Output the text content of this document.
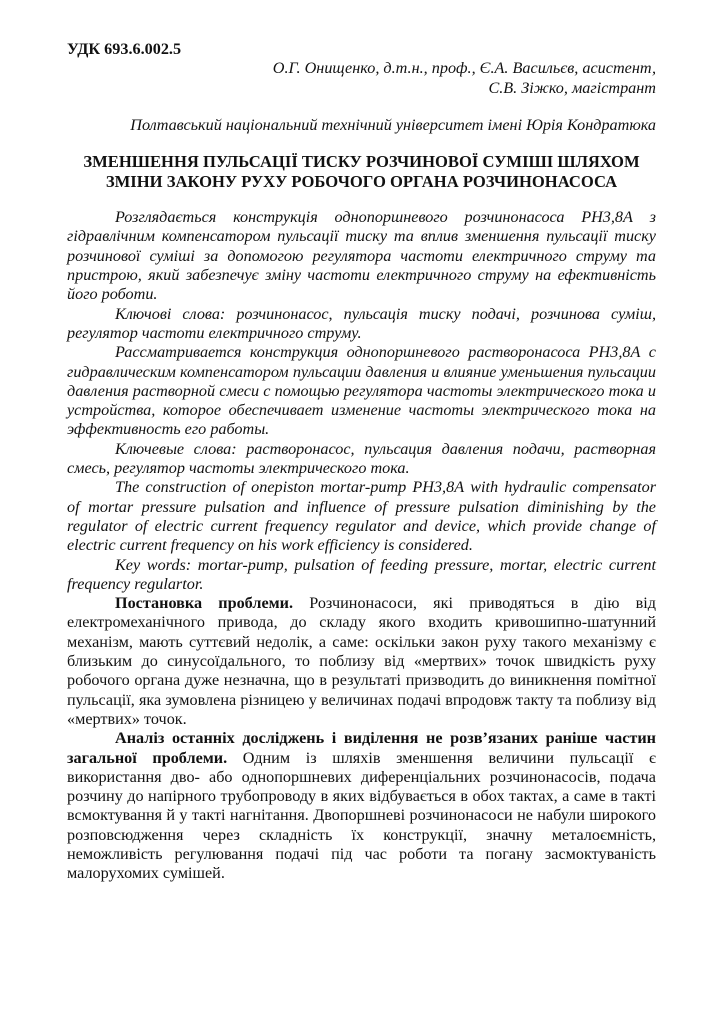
УДК 693.6.002.5
О.Г. Онищенко, д.т.н., проф., Є.А. Васильєв, асистент,
С.В. Зіжко, магістрант
Полтавський національний технічний університет імені Юрія Кондратюка
ЗМЕНШЕННЯ ПУЛЬСАЦІЇ ТИСКУ РОЗЧИНОВОЇ СУМІШІ ШЛЯХОМ
ЗМІНИ ЗАКОНУ РУХУ РОБОЧОГО ОРГАНА РОЗЧИНОНАСОСА

Розглядається конструкція однопоршневого розчинонасоса РН3,8А з гідравлічним компенсатором пульсації тиску та вплив зменшення пульсації тиску розчинової суміші за допомогою регулятора частоти електричного струму та пристрою, який забезпечує зміну частоти електричного струму на ефективність його роботи.

Ключові слова: розчинонасос, пульсація тиску подачі, розчинова суміш, регулятор частоти електричного струму.

Рассматривается конструкция однопоршневого растворонасоса РН3,8А с гидравлическим компенсатором пульсации давления и влияние уменьшения пульсации давления растворной смеси с помощью регулятора частоты электрического тока и устройства, которое обеспечивает изменение частоты электрического тока на эффективность его работы.

Ключевые слова: растворонасос, пульсация давления подачи, растворная смесь, регулятор частоты электрического тока.

The construction of onepiston mortar-pump РН3,8А with hydraulic compensator of mortar pressure pulsation and influence of pressure pulsation diminishing by the regulator of electric current frequency regulator and device, which provide change of electric current frequency on his work efficiency is considered.

Key words: mortar-pump, pulsation of feeding pressure, mortar, electric current frequency regulartor.

Постановка проблеми. Розчинонасоси, які приводяться в дію від електромеханічного привода, до складу якого входить кривошипно-шатунний механізм, мають суттєвий недолік, а саме: оскільки закон руху такого механізму є близьким до синусоїдального, то поблизу від «мертвих» точок швидкість руху робочого органа дуже незначна, що в результаті призводить до виникнення помітної пульсації, яка зумовлена різницею у величинах подачі впродовж такту та поблизу від «мертвих» точок.

Аналіз останніх досліджень і виділення не розв’язаних раніше частин загальної проблеми. Одним із шляхів зменшення величини пульсації є використання дво- або однопоршневих диференціальних розчинонасосів, подача розчину до напірного трубопроводу в яких відбувається в обох тактах, а саме в такті всмоктування й у такті нагнітання. Двопоршневі розчинонасоси не набули широкого розповсюдження через складність їх конструкції, значну металоємність, неможливість регулювання подачі під час роботи та погану засмоктуваність малорухомих сумішей.
